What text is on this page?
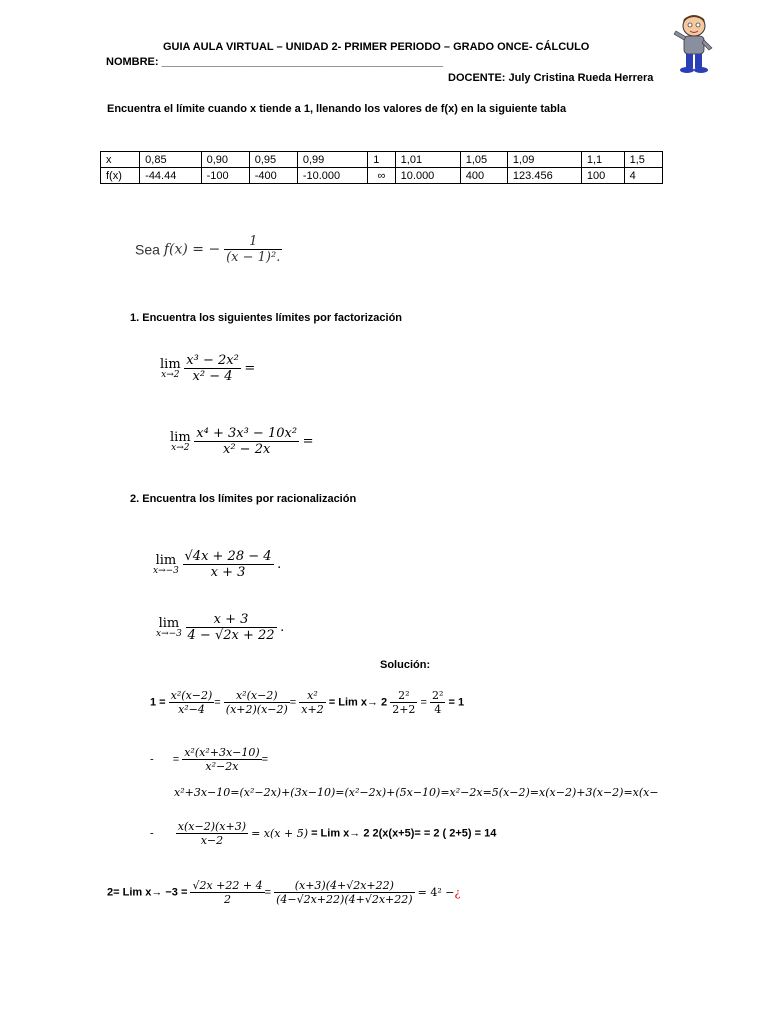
GUIA AULA VIRTUAL – UNIDAD 2- PRIMER PERIODO – GRADO ONCE- CÁLCULO
NOMBRE: ______________________________________________
DOCENTE: July Cristina Rueda Herrera
Encuentra el límite cuando x tiende a 1, llenando los valores de f(x) en la siguiente tabla
x	0,85	0,90	0,95	0,99	1	1,01	1,05	1,09	1,1	1,5
f(x)	-44.44	-100	-400	-10.000	∞	10.000	400	123.456	100	4
Sea f(x) = − $\frac{1}{\text{(x − 1)².}}$
1. Encuentra los siguientes límites por factorización
lim
x→2
$\frac{\text{x³ − 2x²}}{\text{x² − 4}}$ =
lim
x→2
$\frac{\text{x⁴ + 3x³ − 10x²}}{\text{x² − 2x}}$ =
2. Encuentra los límites por racionalización
lim
x→−3
$\frac{√4x + 28 - 4}{x + 3}$ .
lim
x→−3
$\frac{x + 3}{4 - √2x + 22}$ .
Solución:
$1 = \frac{\text{x²(x−2)}}{\text{x²−4}} = \frac{\text{x²(x−2)}}{(x+2)(x-2)} = \frac{\text{x²}}{x+2}$ = Lim $x\to 2 \frac{\text{2²}}{2+2} = \frac{\text{2²}}{4} = 1$
- = $\frac{\text{x²(x²+3x−10)}}{\text{x²−2x}}$ =
x²+3x−10=(x²−2x)+(3x−10)=(x²−2x)+(5x−10)=x²−2x=5(x−2)=x(x−2)+3(x−2)=x(x−
- $\frac{x(x-2)(x+3)}{x-2} = x(x + 5)$ = Lim x→ 2 2(x(x+5)= = 2 ( 2+5) = 14
2= Lim $x\to -3 = \frac{√2x +22 + 4}{2} = \frac{(x+3)(4+√2x+22)}{(4-√2x+22)(4+√2x+22)} = 4^2$ −¿
